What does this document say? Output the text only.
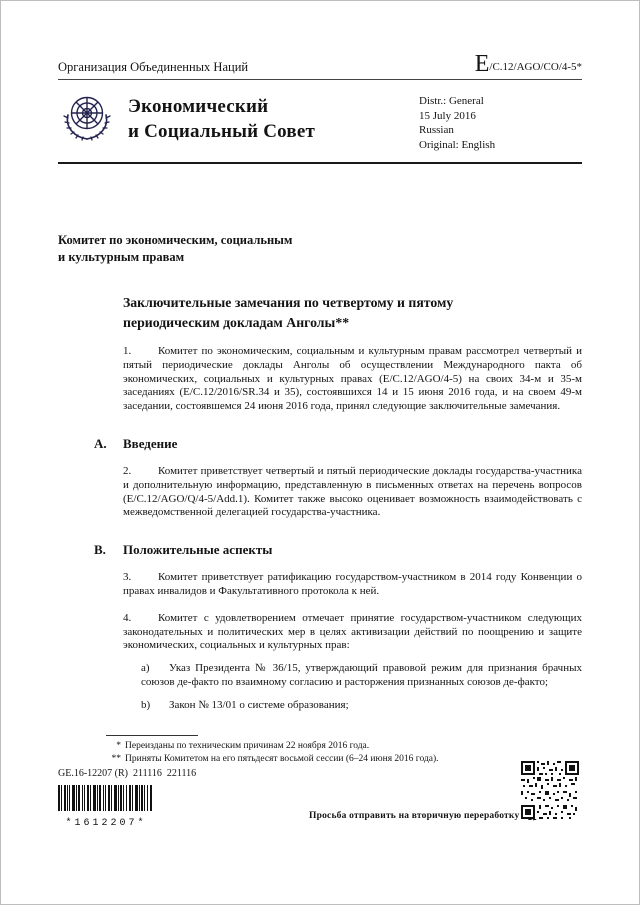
Организация Объединенных Наций	E /C.12/AGO/CO/4-5*
Экономический
и Социальный Совет
Distr.: General
15 July 2016
Russian
Original: English
Комитет по экономическим, социальным
и культурным правам
Заключительные замечания по четвертому и пятому периодическим докладам Анголы**

1. Комитет по экономическим, социальным и культурным правам рассмотрел четвертый и пятый периодические доклады Анголы об осуществлении Международного пакта об экономических, социальных и культурных правах (E/C.12/AGO/4-5) на своих 34-м и 35-м заседаниях (E/C.12/2016/SR.34 и 35), состоявшихся 14 и 15 июня 2016 года, и на своем 49-м заседании, состоявшемся 24 июня 2016 года, принял следующие заключительные замечания.

A.	Введение

2. Комитет приветствует четвертый и пятый периодические доклады государства-участника и дополнительную информацию, представленную в письменных ответах на перечень вопросов (E/C.12/AGO/Q/4-5/Add.1). Комитет также высоко оценивает возможность взаимодействовать с межведомственной делегацией государства-участника.

B.	Положительные аспекты

3. Комитет приветствует ратификацию государством-участником в 2014 году Конвенции о правах инвалидов и Факультативного протокола к ней.

4. Комитет с удовлетворением отмечает принятие государством-участником следующих законодательных и политических мер в целях активизации действий по поощрению и защите экономических, социальных и культурных прав:

a) Указ Президента № 36/15, утверждающий правовой режим для признания брачных союзов де-факто по взаимному согласию и расторжения признанных союзов де-факто;

b) Закон № 13/01 о системе образования;

* Переизданы по техническим причинам 22 ноября 2016 года.
** Приняты Комитетом на его пятьдесят восьмой сессии (6–24 июня 2016 года).
GE.16-12207 (R)  211116  221116
*1612207*
Просьба отправить на вторичную переработку
